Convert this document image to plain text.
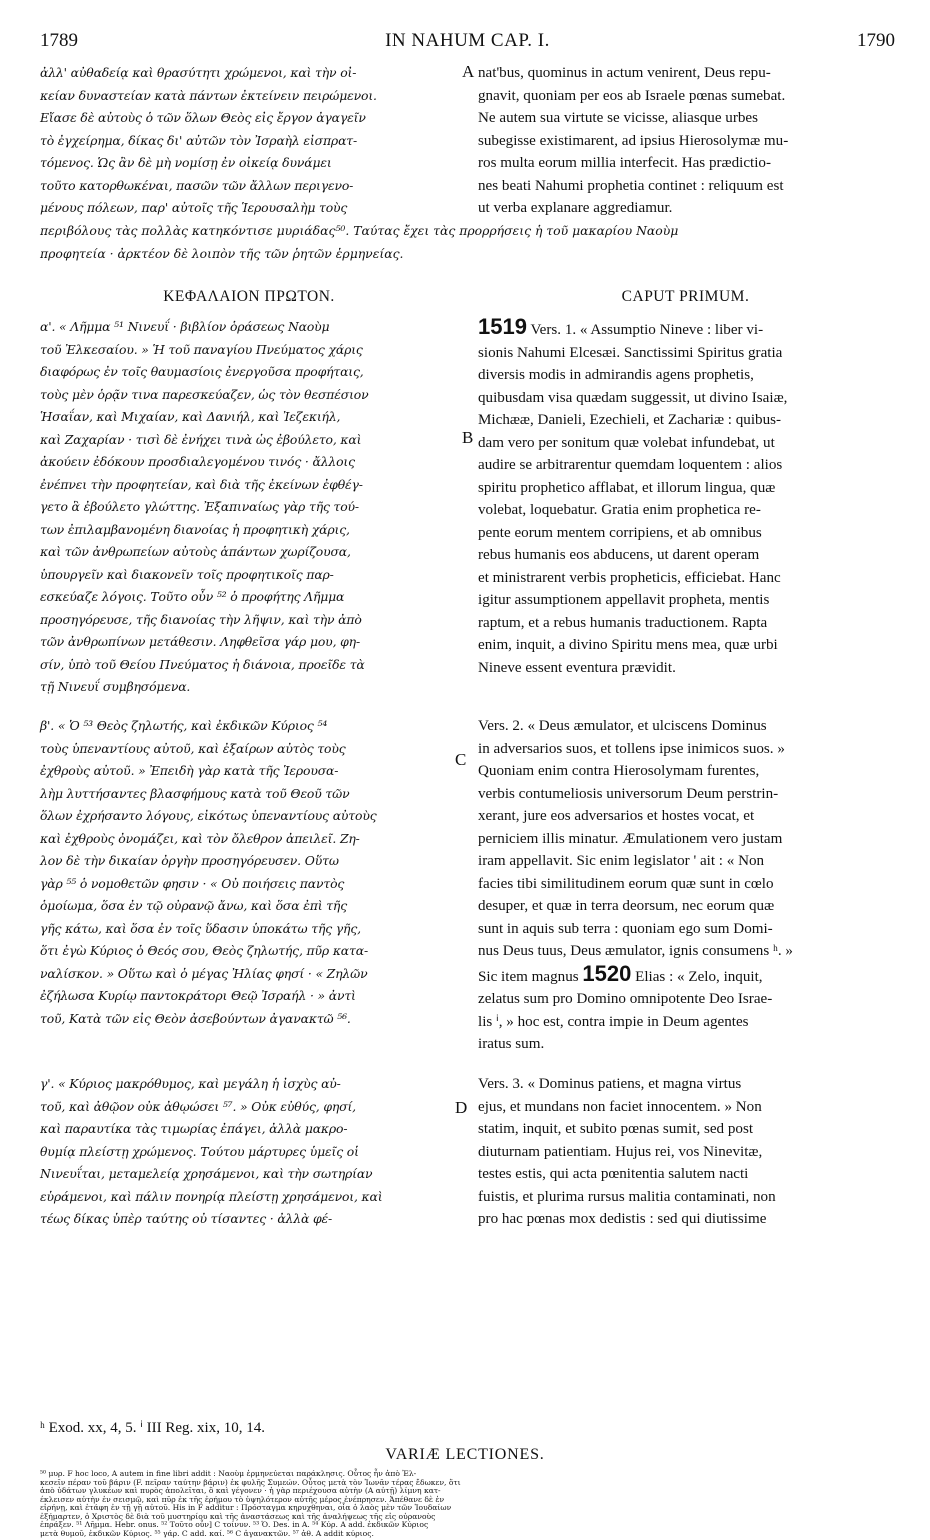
1789	IN NAHUM CAP. I.	1790
ἀλλ' αὐθαδείᾳ καὶ θρασύτητι χρώμενοι, καὶ τὴν οἰ-
κείαν δυναστείαν κατὰ πάντων ἐκτείνειν πειρώμενοι.
Εἴασε δὲ αὐτοὺς ὁ τῶν ὅλων Θεὸς εἰς ἔργον ἀγαγεῖν
τὸ ἐγχείρημα, δίκας δι' αὐτῶν τὸν Ἰσραὴλ εἰσπρατ-
τόμενος. Ὡς ἂν δὲ μὴ νομίσῃ ἐν οἰκείᾳ δυνάμει
τοῦτο κατορθωκέναι, πασῶν τῶν ἄλλων περιγενο-
μένους πόλεων, παρ' αὐτοῖς τῆς Ἱερουσαλὴμ τοὺς
A nat'bus, quominus in actum venirent, Deus repu-
gnavit, quoniam per eos ab Israele pœnas sumebat.
Ne autem sua virtute se vicisse, aliasque urbes
subegisse existimarent, ad ipsius Hierosolymæ mu-
ros multa eorum millia interfecit. Has prædictio-
nes beati Nahumi prophetia continet : reliquum est
ut verba explanare aggrediamur.
περιβόλους τὰς πολλὰς κατηκόντισε μυριάδας⁵⁰. Ταύτας ἔχει τὰς προρρήσεις ἡ τοῦ μακαρίου Ναοὺμ
προφητεία · ἀρκτέον δὲ λοιπὸν τῆς τῶν ῥητῶν ἑρμηνείας.
ΚΕΦΑΛΑΙΟΝ ΠΡΩΤΟΝ.	CAPUT PRIMUM.
α'. « Λῆμμα ⁵¹ Νινευΐ · βιβλίον ὁράσεως Ναοὺμ
τοῦ Ἐλκεσαίου. » Ἡ τοῦ παναγίου Πνεύματος χάρις
διαφόρως ἐν τοῖς θαυμασίοις ἐνεργοῦσα προφήταις,
τοὺς μὲν ὁρᾷν τινα παρεσκεύαζεν, ὡς τὸν θεσπέσιον
Ἡσαΐαν, καὶ Μιχαίαν, καὶ Δανιήλ, καὶ Ἰεζεκιήλ,
καὶ Ζαχαρίαν · τισὶ δὲ ἐνήχει τινὰ ὡς ἐβούλετο, καὶ
ἀκούειν ἐδόκουν προσδιαλεγομένου τινός · ἄλλοις
ἐνέπνει τὴν προφητείαν, καὶ διὰ τῆς ἐκείνων ἐφθέγ-
γετο ἃ ἐβούλετο γλώττης. Ἐξαπιναίως γὰρ τῆς τού-
των ἐπιλαμβανομένη διανοίας ἡ προφητικὴ χάρις,
καὶ τῶν ἀνθρωπείων αὐτοὺς ἁπάντων χωρίζουσα,
ὑπουργεῖν καὶ διακονεῖν τοῖς προφητικοῖς παρ-
εσκεύαζε λόγοις. Τοῦτο οὖν ⁵² ὁ προφήτης Λῆμμα
προσηγόρευσε, τῆς διανοίας τὴν λῆψιν, καὶ τὴν ἀπὸ
τῶν ἀνθρωπίνων μετάθεσιν. Ληφθεῖσα γάρ μου, φη-
σίν, ὑπὸ τοῦ Θείου Πνεύματος ἡ διάνοια, προεῖδε τὰ
τῇ Νινευΐ συμβησόμενα.
B
1519 Vers. 1. « Assumptio Nineve : liber vi-
sionis Nahumi Elcesæi. Sanctissimi Spiritus gratia
diversis modis in admirandis agens prophetis,
quibusdam visa quædam suggessit, ut divino Isaiæ,
Michææ, Danieli, Ezechieli, et Zachariæ : quibus-
dam vero per sonitum quæ volebat infundebat, ut
audire se arbitrarentur quemdam loquentem : alios
spiritu prophetico afflabat, et illorum lingua, quæ
volebat, loquebatur. Gratia enim prophetica re-
pente eorum mentem corripiens, et ab omnibus
rebus humanis eos abducens, ut darent operam
et ministrarent verbis propheticis, efficiebat. Hanc
igitur assumptionem appellavit propheta, mentis
raptum, et a rebus humanis traductionem. Rapta
enim, inquit, a divino Spiritu mens mea, quæ urbi
Nineve essent eventura prævidit.
β'. « Ὁ ⁵³ Θεὸς ζηλωτής, καὶ ἐκδικῶν Κύριος ⁵⁴
τοὺς ὑπεναντίους αὐτοῦ, καὶ ἐξαίρων αὐτὸς τοὺς
ἐχθροὺς αὐτοῦ. » Ἐπειδὴ γὰρ κατὰ τῆς Ἱερουσα-
λὴμ λυττήσαντες βλασφήμους κατὰ τοῦ Θεοῦ τῶν
ὅλων ἐχρήσαντο λόγους, εἰκότως ὑπεναντίους αὐτοὺς
καὶ ἐχθροὺς ὀνομάζει, καὶ τὸν ὄλεθρον ἀπειλεῖ. Ζη-
λον δὲ τὴν δικαίαν ὀργὴν προσηγόρευσεν. Οὕτω
γὰρ ⁵⁵ ὁ νομοθετῶν φησιν · « Οὐ ποιήσεις παντὸς
ὁμοίωμα, ὅσα ἐν τῷ οὐρανῷ ἄνω, καὶ ὅσα ἐπὶ τῆς
γῆς κάτω, καὶ ὅσα ἐν τοῖς ὕδασιν ὑποκάτω τῆς γῆς,
ὅτι ἐγὼ Κύριος ὁ Θεός σου, Θεὸς ζηλωτής, πῦρ κατα-
ναλίσκον. » Οὕτω καὶ ὁ μέγας Ἠλίας φησί · « Ζηλῶν
ἐζήλωσα Κυρίῳ παντοκράτορι Θεῷ Ἰσραήλ · » ἀντὶ
τοῦ, Κατὰ τῶν εἰς Θεὸν ἀσεβούντων ἀγανακτῶ ⁵⁶.
C
Vers. 2. « Deus æmulator, et ulciscens Dominus
in adversarios suos, et tollens ipse inimicos suos. »
Quoniam enim contra Hierosolymam furentes,
verbis contumeliosis universorum Deum perstrin-
xerant, jure eos adversarios et hostes vocat, et
perniciem illis minatur. Æmulationem vero justam
iram appellavit. Sic enim legislator ' ait : « Non
facies tibi similitudinem eorum quæ sunt in cœlo
desuper, et quæ in terra deorsum, nec eorum quæ
sunt in aquis sub terra : quoniam ego sum Domi-
nus Deus tuus, Deus æmulator, ignis consumens ʰ. »
Sic item magnus 1520 Elias : « Zelo, inquit,
zelatus sum pro Domino omnipotente Deo Israe-
lis ⁱ, » hoc est, contra impie in Deum agentes
iratus sum.
γ'. « Κύριος μακρόθυμος, καὶ μεγάλη ἡ ἰσχὺς αὐ-
τοῦ, καὶ ἀθῷον οὐκ ἀθῳώσει ⁵⁷. » Οὐκ εὐθύς, φησί,
καὶ παραυτίκα τὰς τιμωρίας ἐπάγει, ἀλλὰ μακρο-
θυμίᾳ πλείστῃ χρώμενος. Τούτου μάρτυρες ὑμεῖς οἱ
Νινευΐται, μεταμελείᾳ χρησάμενοι, καὶ τὴν σωτηρίαν
εὑράμενοι, καὶ πάλιν πονηρίᾳ πλείστῃ χρησάμενοι, καὶ
τέως δίκας ὑπὲρ ταύτης οὐ τίσαντες · ἀλλὰ φέ-
D
Vers. 3. « Dominus patiens, et magna virtus
ejus, et mundans non faciet innocentem. » Non
statim, inquit, et subito pœnas sumit, sed post
diuturnam patientiam. Hujus rei, vos Ninevitæ,
testes estis, qui acta pœnitentia salutem nacti
fuistis, et plurima rursus malitia contaminati, non
pro hac pœnas mox dedistis : sed qui diutissime
ʰ Exod. xx, 4, 5. ⁱ III Reg. xix, 10, 14.
VARIÆ LECTIONES.
⁵⁰ μυρ. F hoc loco, A autem in fine libri addit : Ναοὺμ ἑρμηνεύεται παράκλησις. Οὗτος ἦν ἀπὸ Ἐλ-
κεσεῖν πέραν τοῦ βάριν (F. πεῖραν ταύτην βάριν) ἐκ φυλῆς Συμεών. Οὗτος μετὰ τὸν Ἰωνᾶν τέρας ἔδωκεν, ὅτι
ἀπὸ ὑδάτων γλυκέων καὶ πυρὸς ἀπολεῖται, ὃ καὶ γέγονεν · ἡ γὰρ περιέχουσα αὐτὴν (A αὐτῇ) λίμνη κατ-
έκλεισεν αὐτὴν ἐν σεισμῷ, καὶ πῦρ ἐκ τῆς ἐρήμου τὸ ὑψηλότερον αὐτῆς μέρος ἐνέπρησεν. Ἀπέθανε δὲ ἐν
εἰρήνῃ, καὶ ἐτάφη ἐν τῇ γῇ αὐτοῦ. His in F additur : Πρόσταγμα κηρυχθηναι, οἷα ὁ λαὸς μὲν τῶν Ἰουδαίων
ἐξήμαρτεν, ὁ Χριστὸς δὲ διὰ τοῦ μυστηρίου καὶ τῆς ἀναστάσεως καὶ τῆς ἀναλήψεως τῆς εἰς οὐρανοὺς
ἐπράξεν. ⁵¹ Λῆμμα. Hebr. onus. ⁵² Τοῦτο οὖν] C τοίνυν. ⁵³ Ὁ. Des. in A. ⁵⁴ Κύρ. A add. ἐκδικῶν Κύριος
μετὰ θυμοῦ, ἐκδικῶν Κύριος. ⁵⁵ γάρ. C add. καί. ⁵⁶ C ἀγανακτῶν. ⁵⁷ ἀθ. A addit κύριος.
